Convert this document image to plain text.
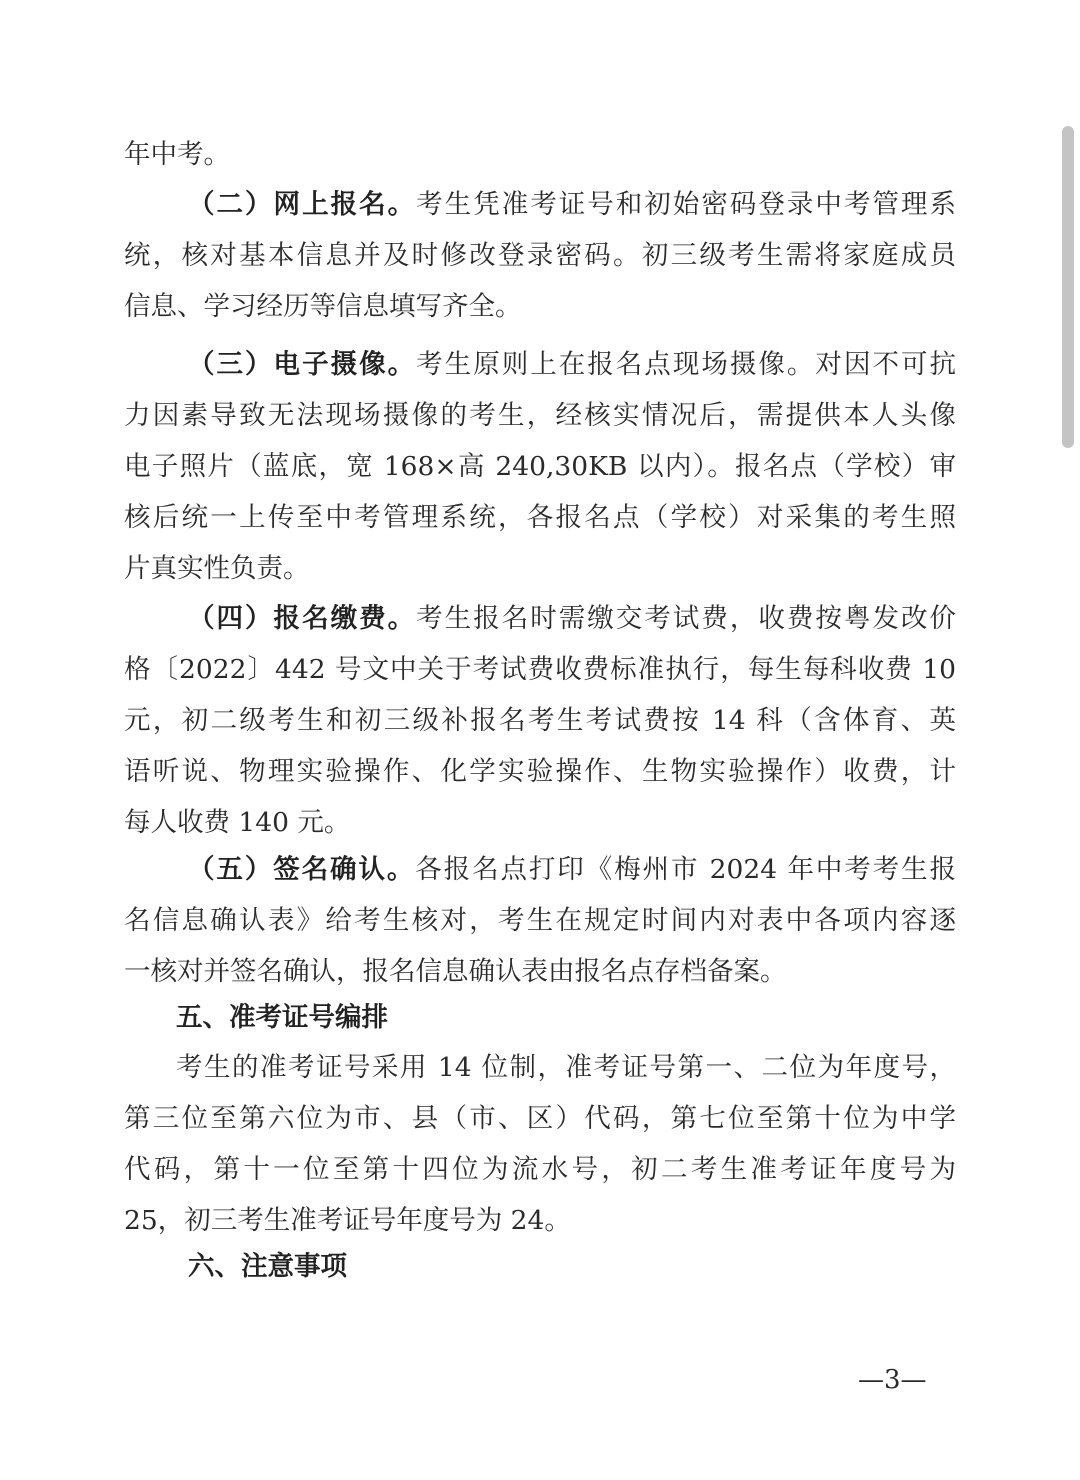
年中考。
（二）网上报名。考生凭准考证号和初始密码登录中考管理系
统，核对基本信息并及时修改登录密码。初三级考生需将家庭成员
信息、学习经历等信息填写齐全。
（三）电子摄像。考生原则上在报名点现场摄像。对因不可抗
力因素导致无法现场摄像的考生，经核实情况后，需提供本人头像
电子照片（蓝底，宽 168×高 240,30KB 以内）。报名点（学校）审
核后统一上传至中考管理系统，各报名点（学校）对采集的考生照
片真实性负责。
（四）报名缴费。考生报名时需缴交考试费，收费按粤发改价
格〔2022〕442 号文中关于考试费收费标准执行，每生每科收费 10
元，初二级考生和初三级补报名考生考试费按 14 科（含体育、英
语听说、物理实验操作、化学实验操作、生物实验操作）收费，计
每人收费 140 元。
（五）签名确认。各报名点打印《梅州市 2024 年中考考生报
名信息确认表》给考生核对，考生在规定时间内对表中各项内容逐
一核对并签名确认，报名信息确认表由报名点存档备案。
五、准考证号编排
考生的准考证号采用 14 位制，准考证号第一、二位为年度号，
第三位至第六位为市、县（市、区）代码，第七位至第十位为中学
代码，第十一位至第十四位为流水号，初二考生准考证年度号为
25，初三考生准考证号年度号为 24。
六、注意事项
—3—
